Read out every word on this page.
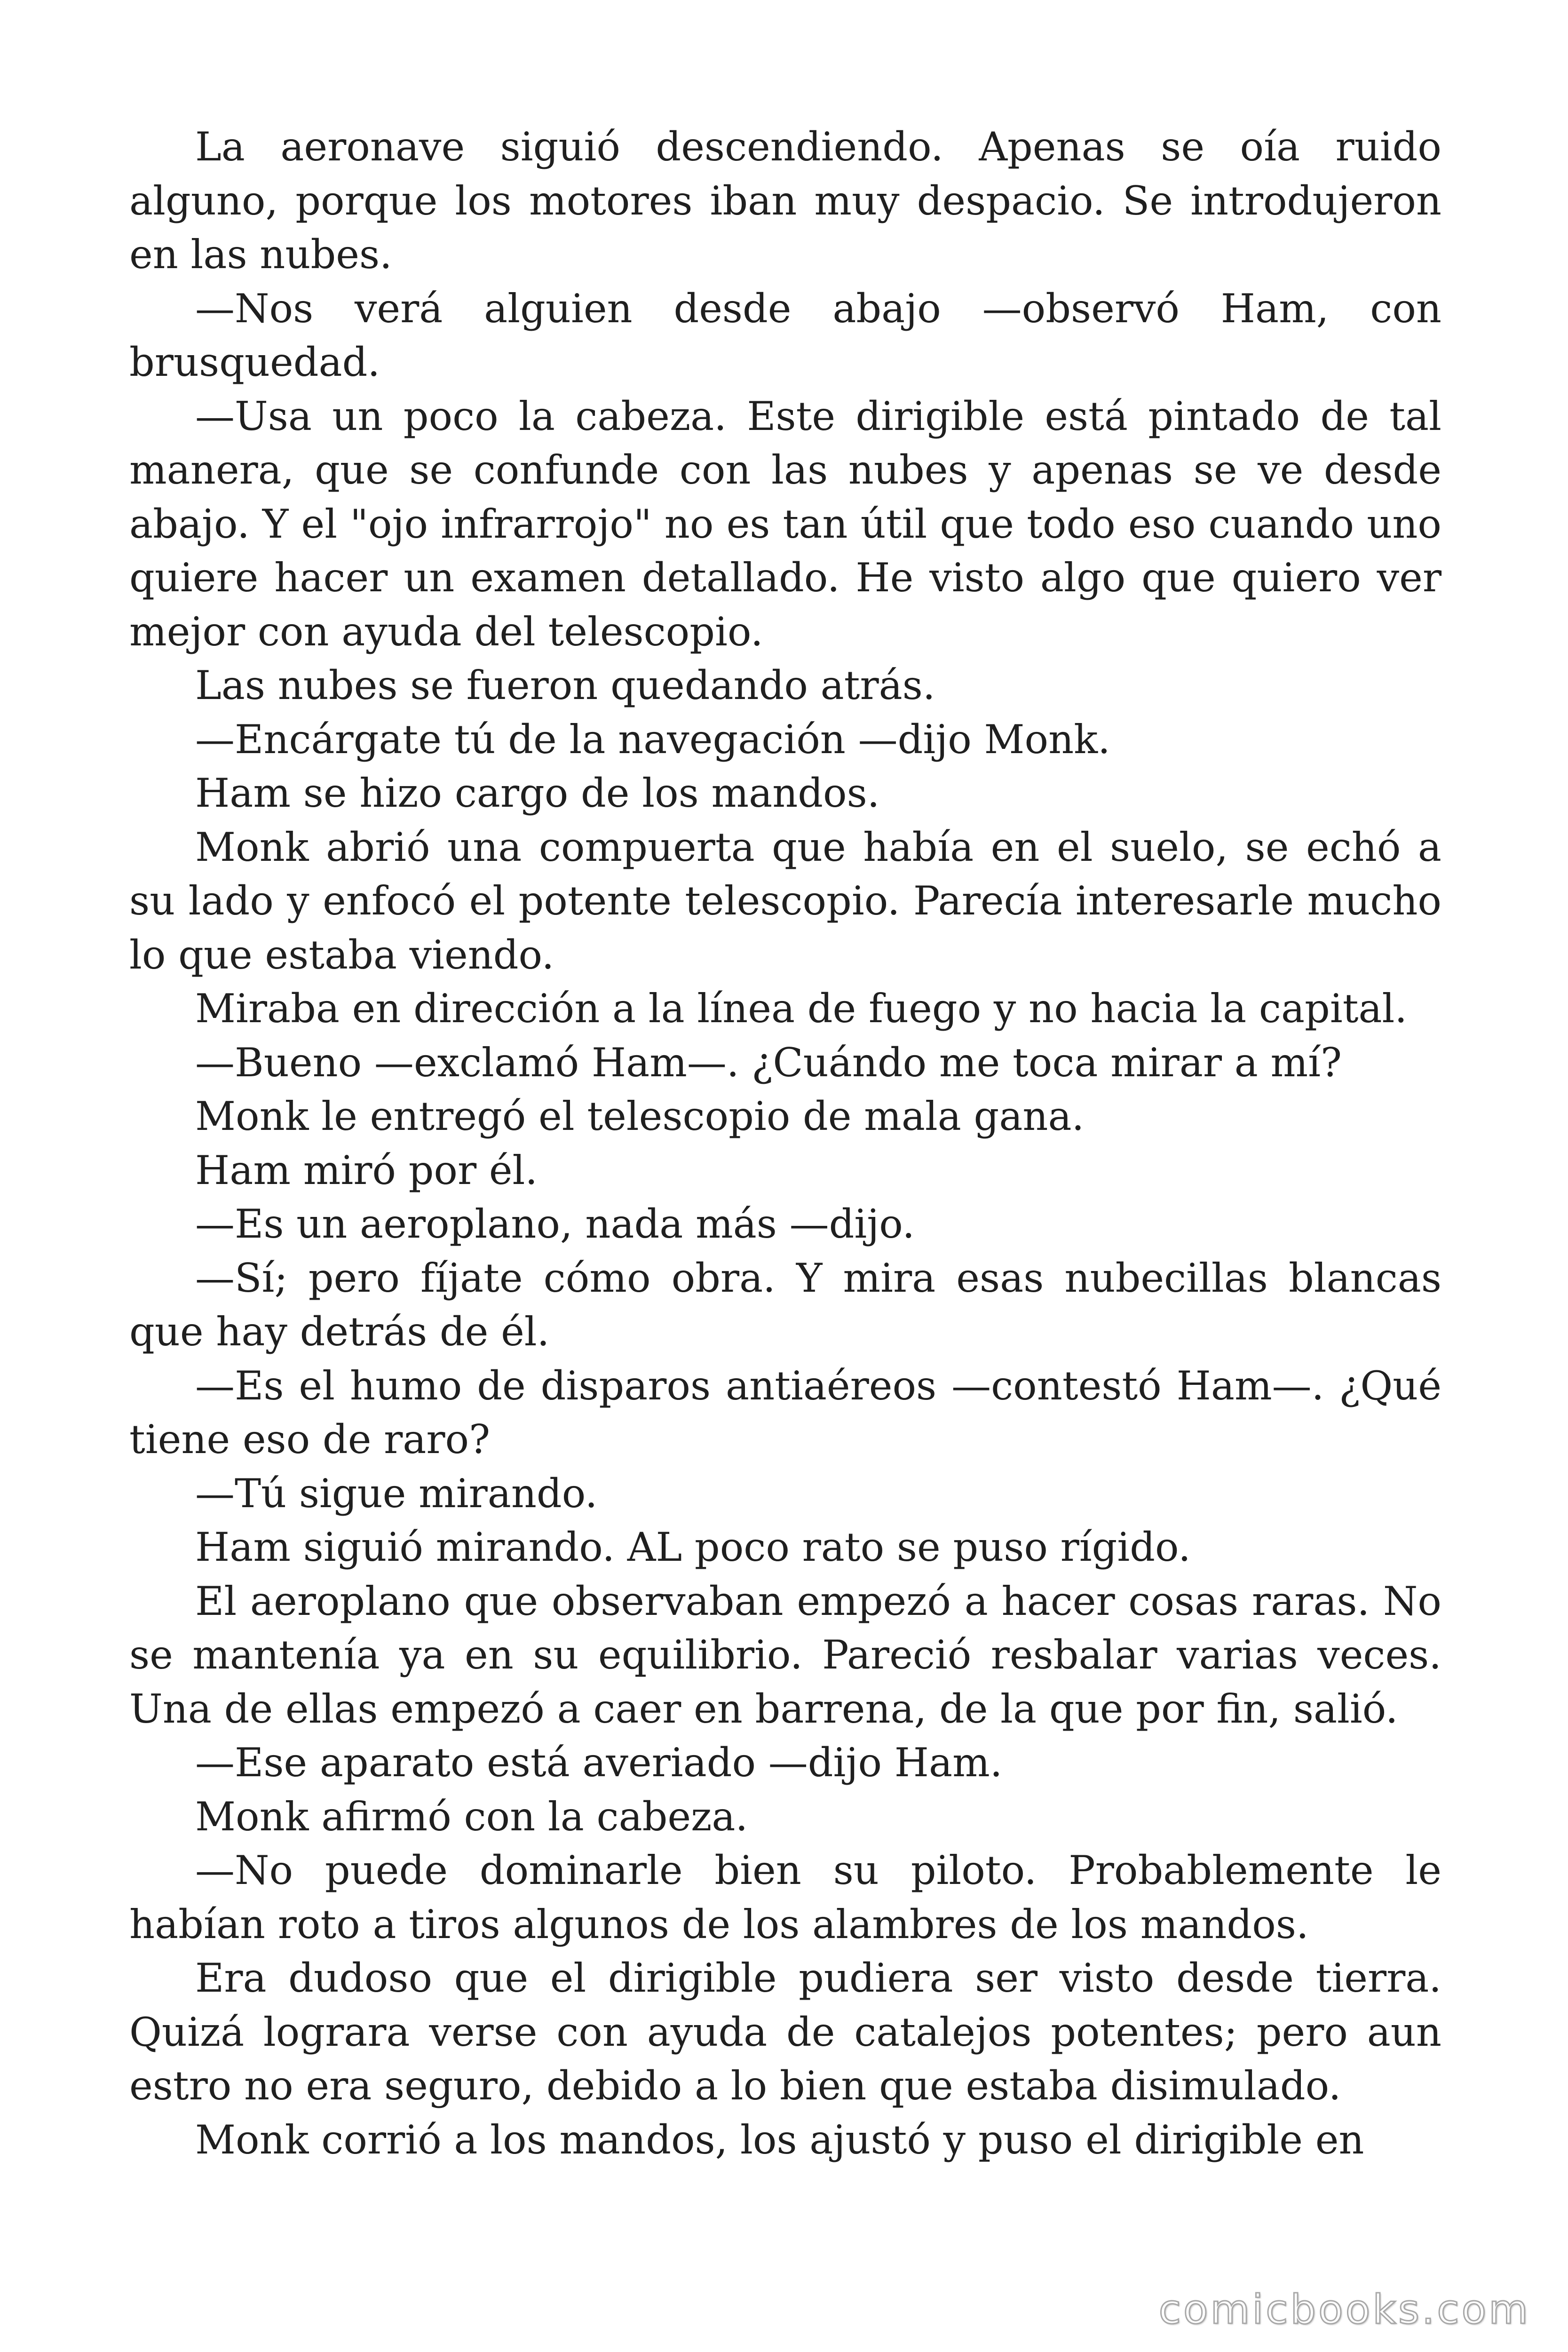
La aeronave siguió descendiendo. Apenas se oía ruido alguno, porque los motores iban muy despacio. Se introdujeron en las nubes.

—Nos verá alguien desde abajo —observó Ham, con brusquedad.

—Usa un poco la cabeza. Este dirigible está pintado de tal manera, que se confunde con las nubes y apenas se ve desde abajo. Y el "ojo infrarrojo" no es tan útil que todo eso cuando uno quiere hacer un examen detallado. He visto algo que quiero ver mejor con ayuda del telescopio.

Las nubes se fueron quedando atrás.

—Encárgate tú de la navegación —dijo Monk.

Ham se hizo cargo de los mandos.

Monk abrió una compuerta que había en el suelo, se echó a su lado y enfocó el potente telescopio. Parecía interesarle mucho lo que estaba viendo.

Miraba en dirección a la línea de fuego y no hacia la capital.

—Bueno —exclamó Ham—. ¿Cuándo me toca mirar a mí?

Monk le entregó el telescopio de mala gana.

Ham miró por él.

—Es un aeroplano, nada más —dijo.

—Sí; pero fíjate cómo obra. Y mira esas nubecillas blancas que hay detrás de él.

—Es el humo de disparos antiaéreos —contestó Ham—. ¿Qué tiene eso de raro?

—Tú sigue mirando.

Ham siguió mirando. AL poco rato se puso rígido.

El aeroplano que observaban empezó a hacer cosas raras. No se mantenía ya en su equilibrio. Pareció resbalar varias veces. Una de ellas empezó a caer en barrena, de la que por fin, salió.

—Ese aparato está averiado —dijo Ham.

Monk afirmó con la cabeza.

—No puede dominarle bien su piloto. Probablemente le habían roto a tiros algunos de los alambres de los mandos.

Era dudoso que el dirigible pudiera ser visto desde tierra. Quizá lograra verse con ayuda de catalejos potentes; pero aun estro no era seguro, debido a lo bien que estaba disimulado.

Monk corrió a los mandos, los ajustó y puso el dirigible en

comicbooks.com
